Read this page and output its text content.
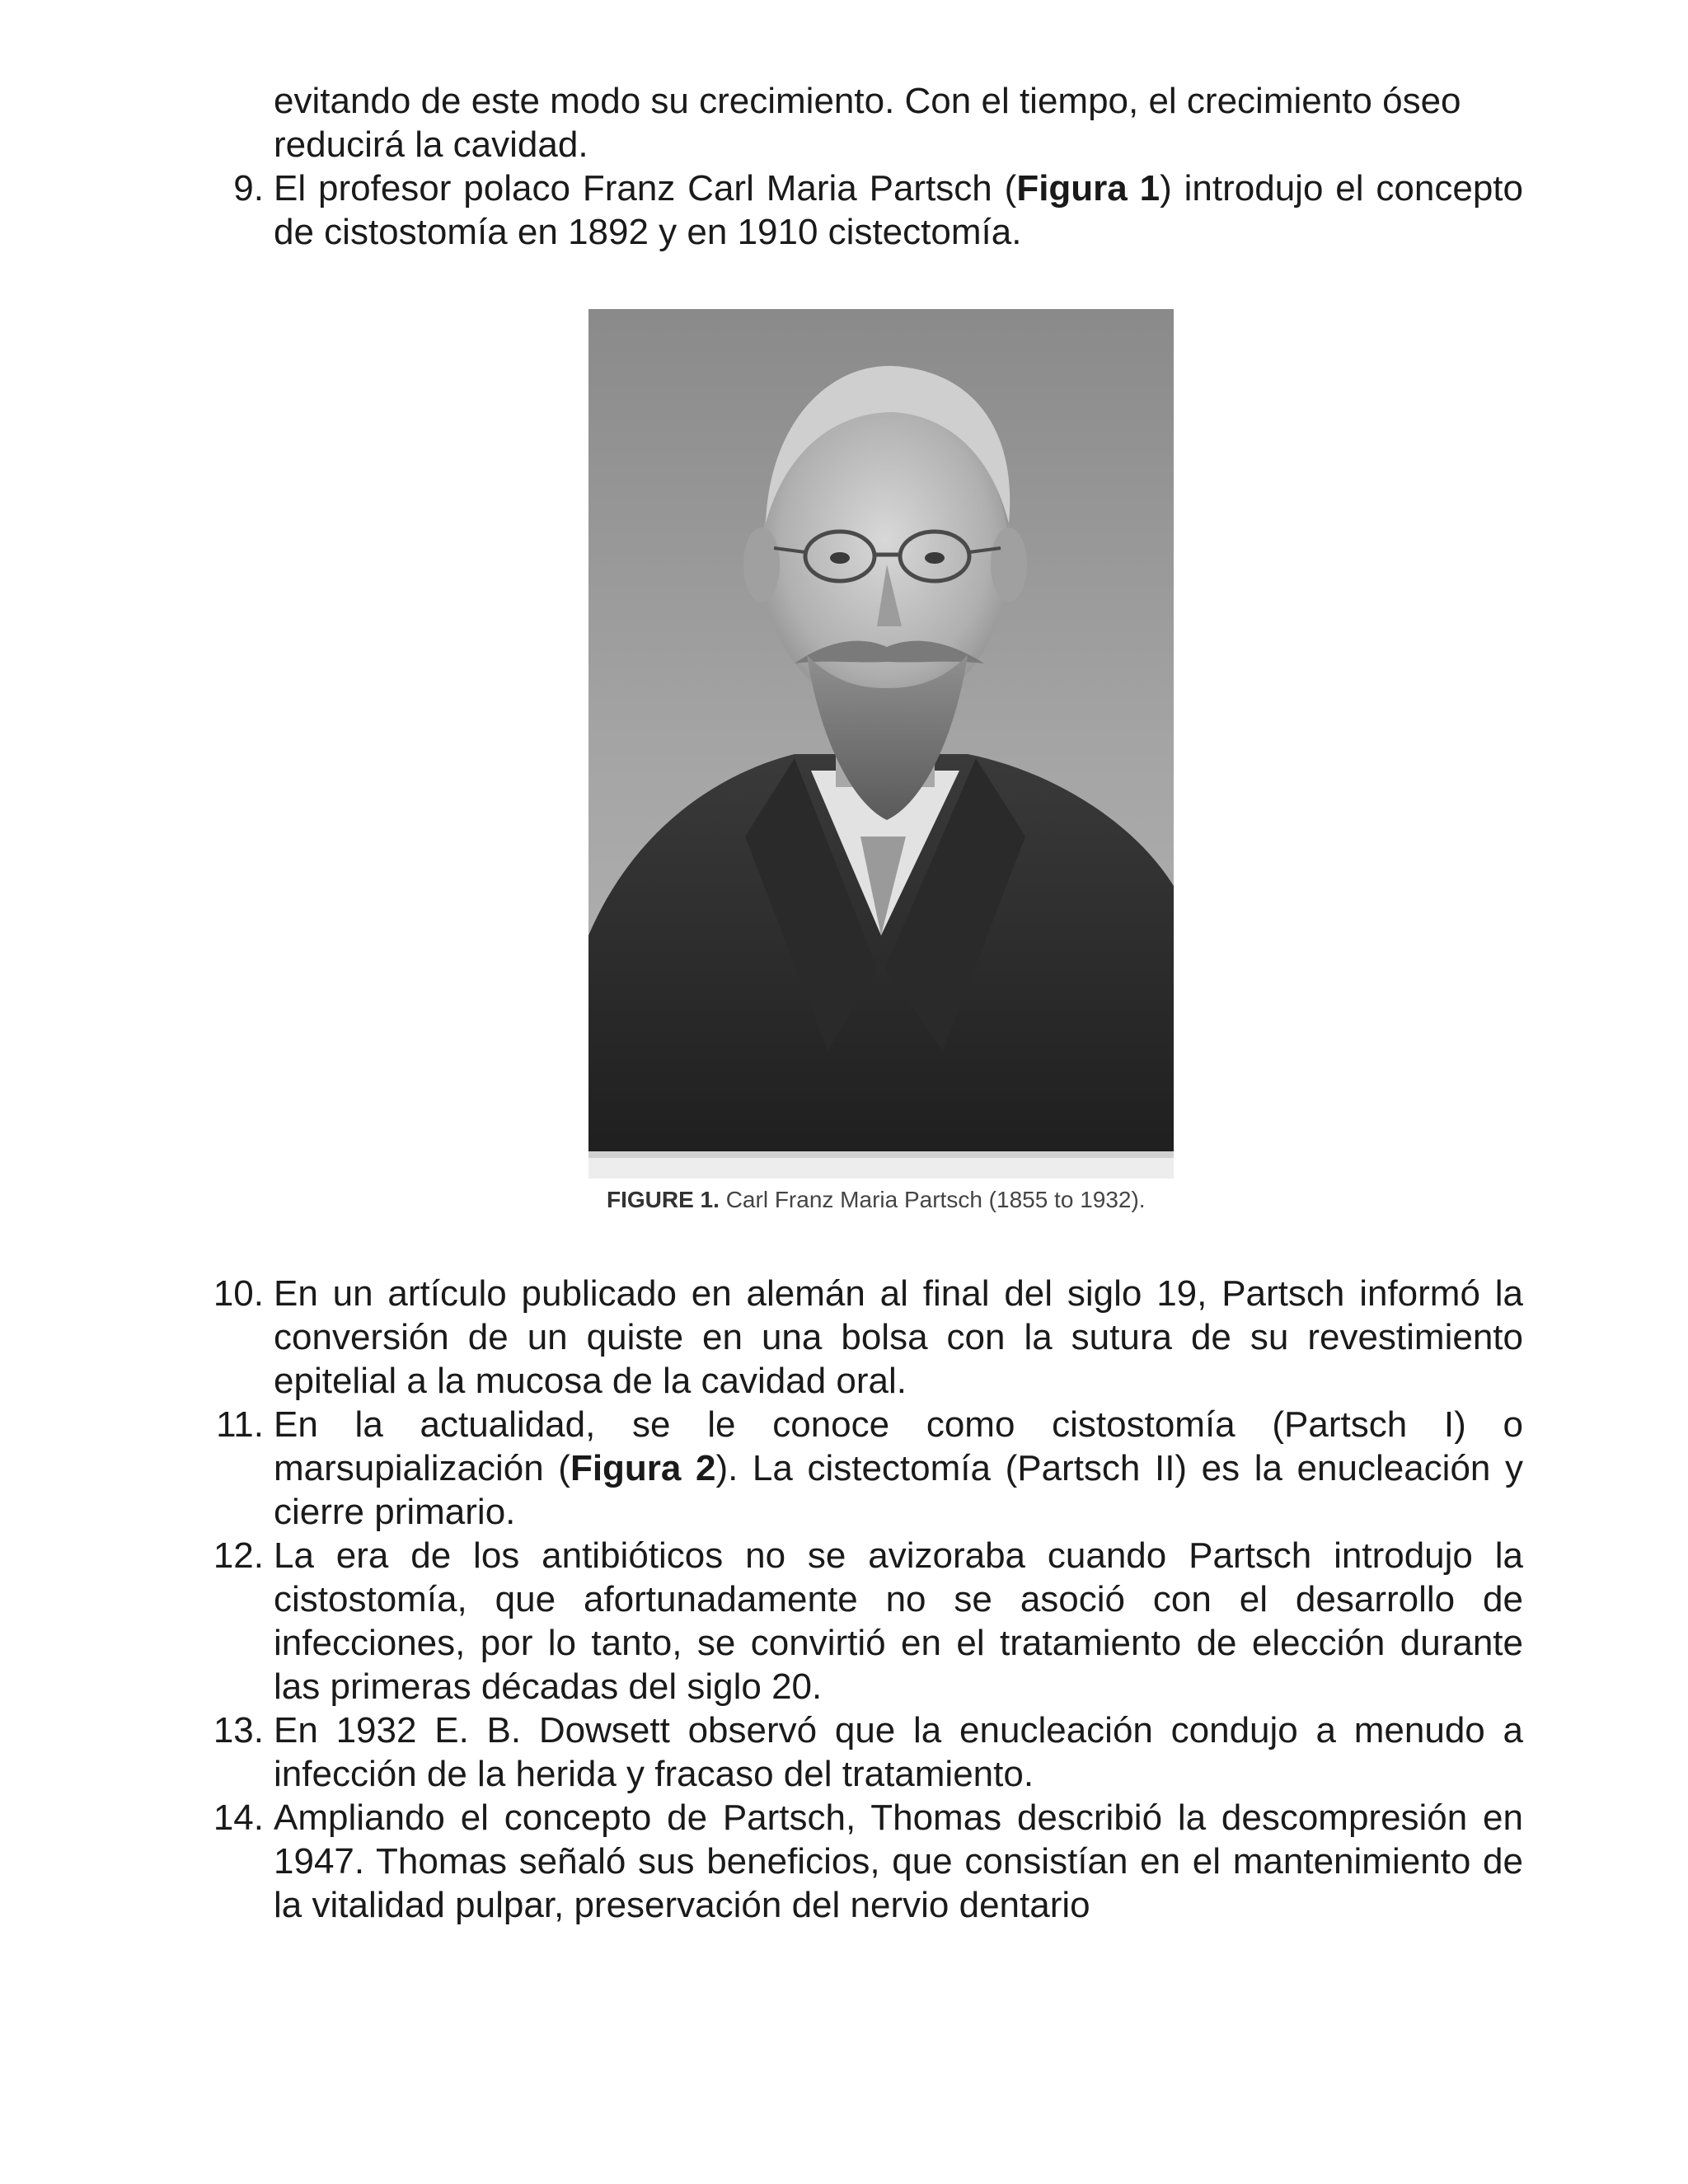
evitando de este modo su crecimiento. Con el tiempo, el crecimiento óseo
reducirá la cavidad.
9. El profesor polaco Franz Carl Maria Partsch (Figura 1) introdujo el concepto de cistostomía en 1892 y en 1910 cistectomía.
FIGURE 1. Carl Franz Maria Partsch (1855 to 1932).
10. En un artículo publicado en alemán al final del siglo 19, Partsch informó la conversión de un quiste en una bolsa con la sutura de su revestimiento epitelial a la mucosa de la cavidad oral.
11. En la actualidad, se le conoce como cistostomía (Partsch I) o marsupialización (Figura 2). La cistectomía (Partsch II) es la enucleación y cierre primario.
12. La era de los antibióticos no se avizoraba cuando Partsch introdujo la cistostomía, que afortunadamente no se asoció con el desarrollo de infecciones, por lo tanto, se convirtió en el tratamiento de elección durante las primeras décadas del siglo 20.
13. En 1932 E. B. Dowsett observó que la enucleación condujo a menudo a infección de la herida y fracaso del tratamiento.
14. Ampliando el concepto de Partsch, Thomas describió la descompresión en 1947. Thomas señaló sus beneficios, que consistían en el mantenimiento de la vitalidad pulpar, preservación del nervio dentario
